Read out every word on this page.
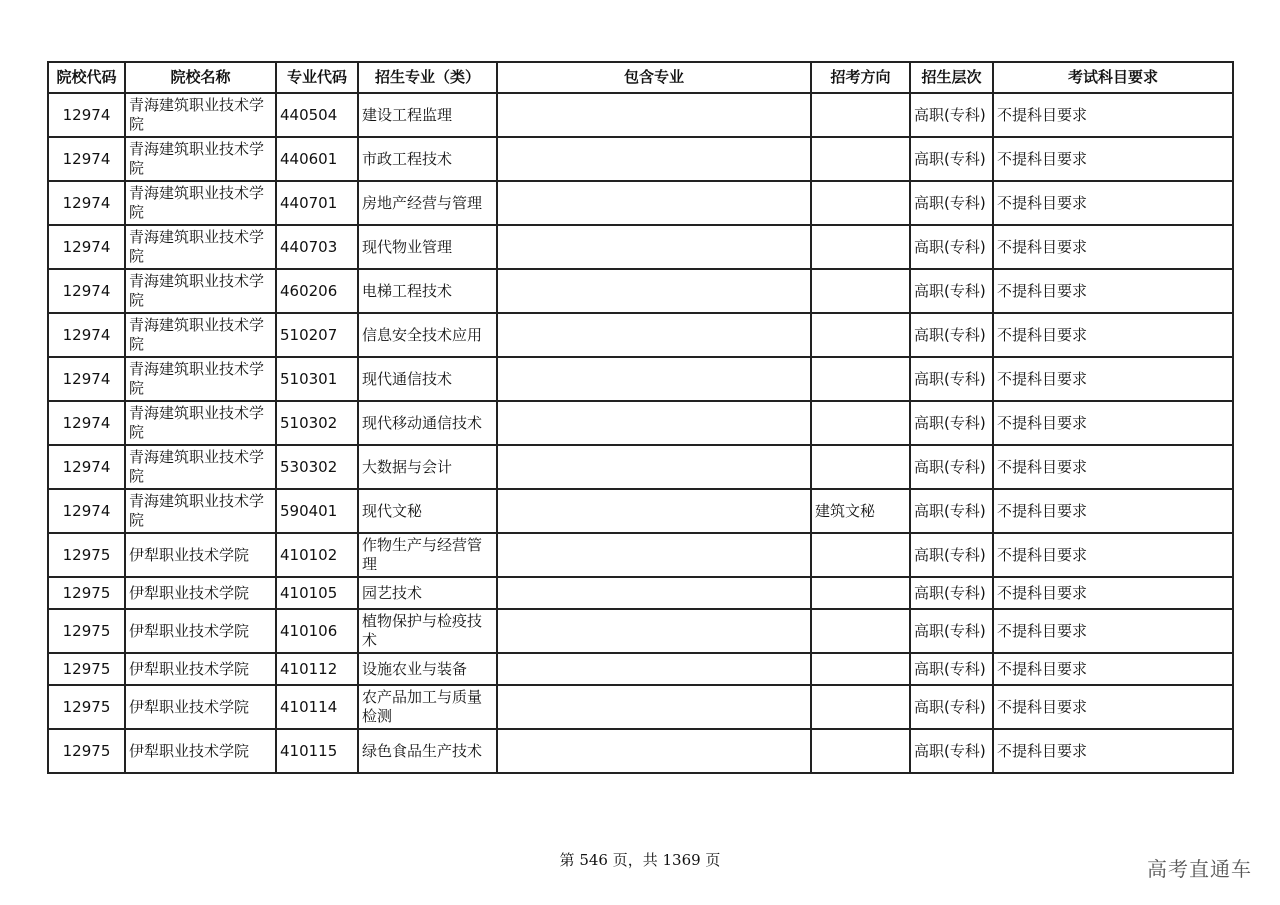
院校代码	院校名称	专业代码	招生专业（类）	包含专业	招考方向	招生层次	考试科目要求
12974	青海建筑职业技术学院	440504	建设工程监理			高职(专科)	不提科目要求
12974	青海建筑职业技术学院	440601	市政工程技术			高职(专科)	不提科目要求
12974	青海建筑职业技术学院	440701	房地产经营与管理			高职(专科)	不提科目要求
12974	青海建筑职业技术学院	440703	现代物业管理			高职(专科)	不提科目要求
12974	青海建筑职业技术学院	460206	电梯工程技术			高职(专科)	不提科目要求
12974	青海建筑职业技术学院	510207	信息安全技术应用			高职(专科)	不提科目要求
12974	青海建筑职业技术学院	510301	现代通信技术			高职(专科)	不提科目要求
12974	青海建筑职业技术学院	510302	现代移动通信技术			高职(专科)	不提科目要求
12974	青海建筑职业技术学院	530302	大数据与会计			高职(专科)	不提科目要求
12974	青海建筑职业技术学院	590401	现代文秘		建筑文秘	高职(专科)	不提科目要求
12975	伊犁职业技术学院	410102	作物生产与经营管理			高职(专科)	不提科目要求
12975	伊犁职业技术学院	410105	园艺技术			高职(专科)	不提科目要求
12975	伊犁职业技术学院	410106	植物保护与检疫技术			高职(专科)	不提科目要求
12975	伊犁职业技术学院	410112	设施农业与装备			高职(专科)	不提科目要求
12975	伊犁职业技术学院	410114	农产品加工与质量检测			高职(专科)	不提科目要求
12975	伊犁职业技术学院	410115	绿色食品生产技术			高职(专科)	不提科目要求
第 546 页，共 1369 页	高考直通车
